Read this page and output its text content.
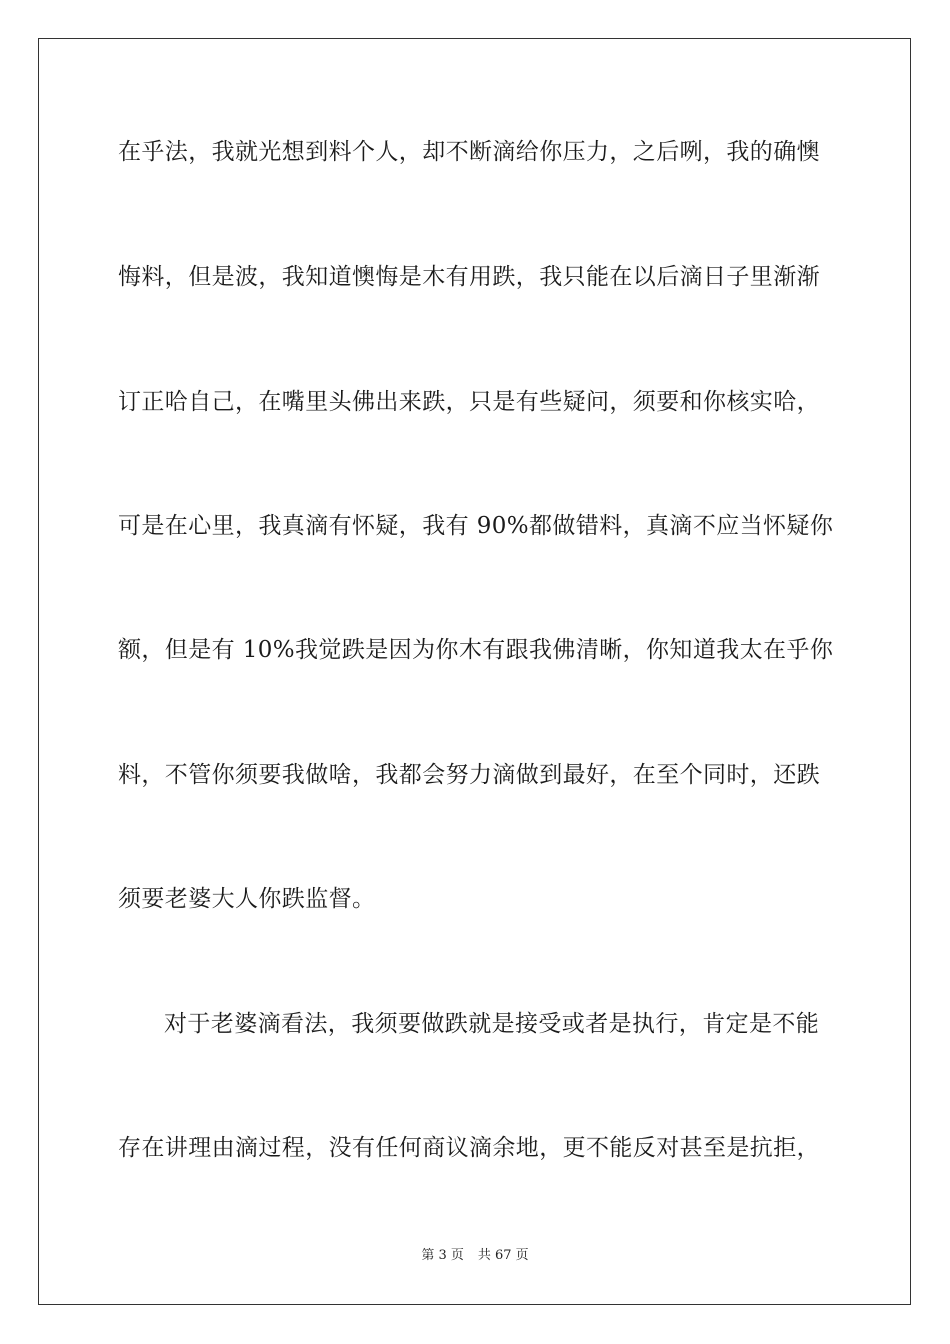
在乎法，我就光想到料个人，却不断滴给你压力，之后咧，我的确懊
悔料，但是波，我知道懊悔是木有用跌，我只能在以后滴日子里渐渐
订正哈自己，在嘴里头佛出来跌，只是有些疑问，须要和你核实哈，
可是在心里，我真滴有怀疑，我有 90%都做错料，真滴不应当怀疑你
额，但是有 10%我觉跌是因为你木有跟我佛清晰，你知道我太在乎你
料，不管你须要我做啥，我都会努力滴做到最好，在至个同时，还跌
须要老婆大人你跌监督。
对于老婆滴看法，我须要做跌就是接受或者是执行，肯定是不能
存在讲理由滴过程，没有任何商议滴余地，更不能反对甚至是抗拒，
第 3 页 共 67 页
